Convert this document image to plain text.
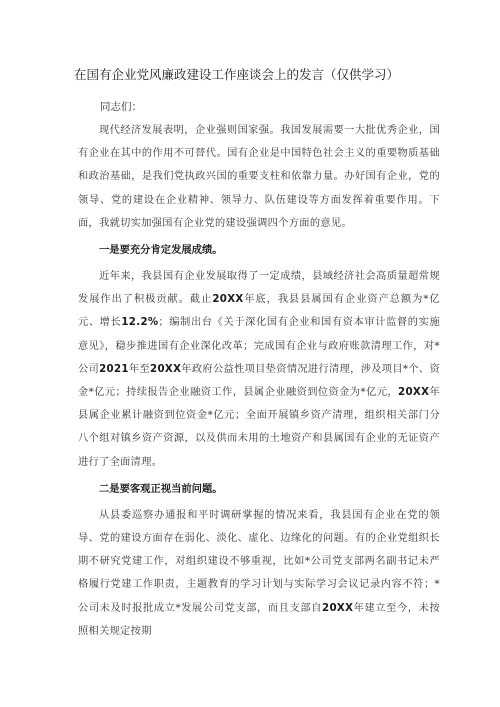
在国有企业党风廉政建设工作座谈会上的发言（仅供学习）
同志们：

现代经济发展表明，企业强则国家强。我国发展需要一大批优秀企业，国有企业在其中的作用不可替代。国有企业是中国特色社会主义的重要物质基础和政治基础，是我们党执政兴国的重要支柱和依靠力量。办好国有企业，党的领导、党的建设在企业精神、领导力、队伍建设等方面发挥着重要作用。下面，我就切实加强国有企业党的建设强调四个方面的意见。

一是要充分肯定发展成绩。

近年来，我县国有企业发展取得了一定成绩，县域经济社会高质量超常规发展作出了积极贡献。截止20XX年底，我县县属国有企业资产总额为*亿元、增长12.2%；编制出台《关于深化国有企业和国有资本审计监督的实施意见》，稳步推进国有企业深化改革；完成国有企业与政府账款清理工作，对*公司2021年至20XX年政府公益性项目垫资情况进行清理，涉及项目*个、资金*亿元；持续报告企业融资工作，县属企业融资到位资金为*亿元，20XX年县属企业累计融资到位资金*亿元；全面开展镇乡资产清理，组织相关部门分八个组对镇乡资产资源，以及供而未用的土地资产和县属国有企业的无证资产进行了全面清理。

二是要客观正视当前问题。

从县委巡察办通报和平时调研掌握的情况来看，我县国有企业在党的领导、党的建设方面存在弱化、淡化、虚化、边缘化的问题。有的企业党组织长期不研究党建工作，对组织建设不够重视，比如*公司党支部两名副书记未严格履行党建工作职责，主题教育的学习计划与实际学习会议记录内容不符；*公司未及时报批成立*发展公司党支部，而且支部自20XX年建立至今，未按照相关规定按期
